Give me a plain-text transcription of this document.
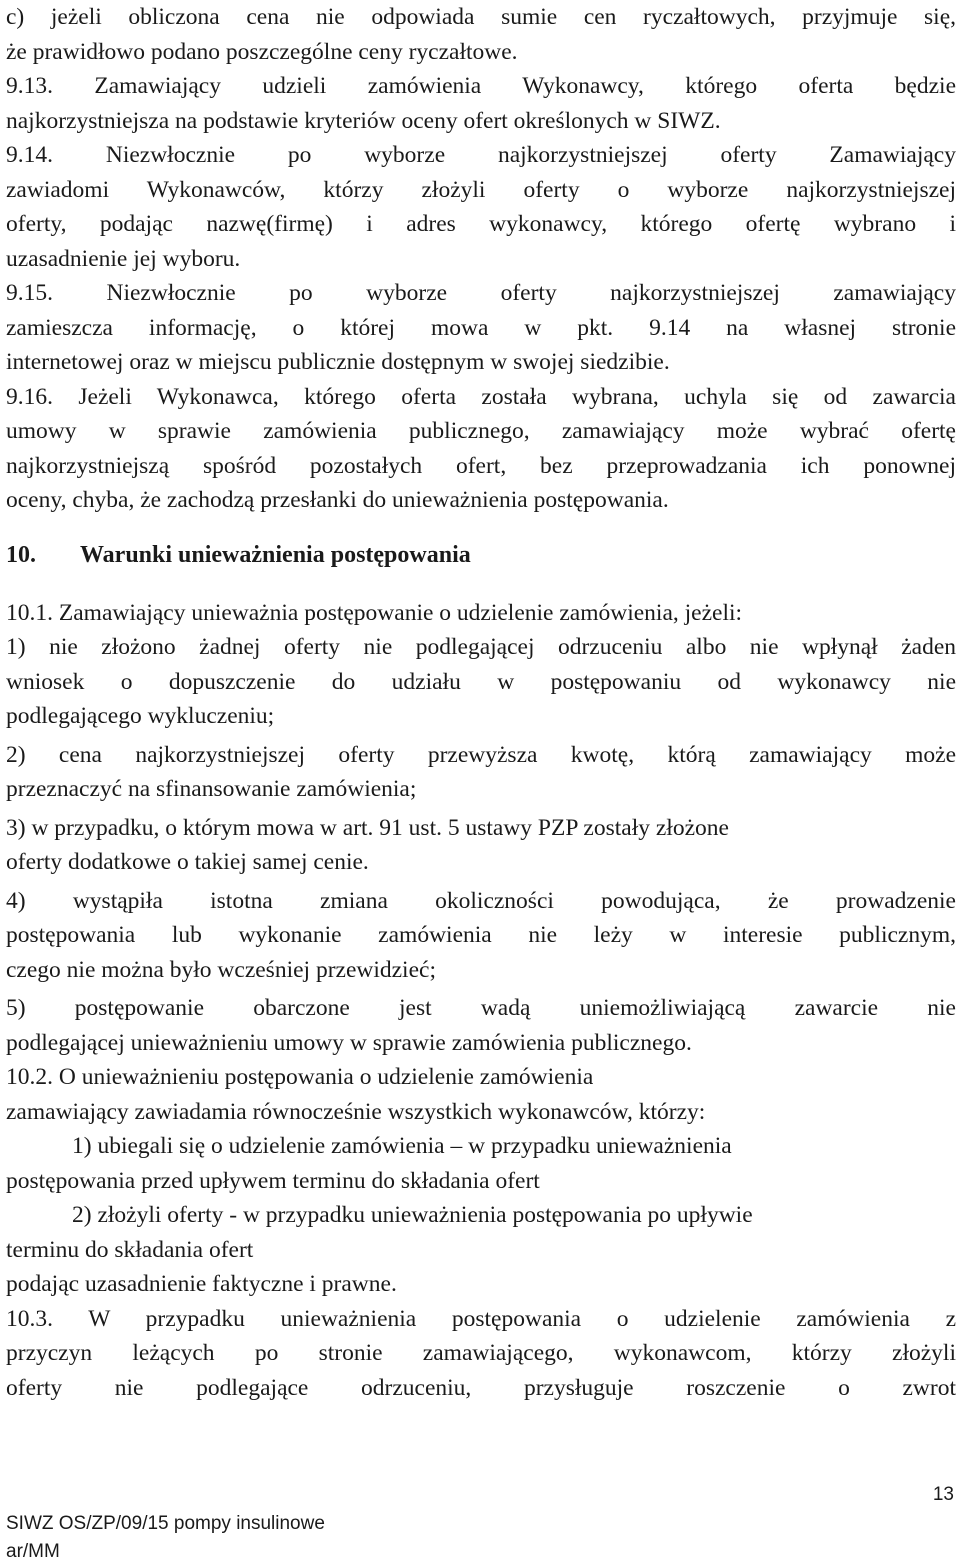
c) jeżeli obliczona cena nie odpowiada sumie cen ryczałtowych, przyjmuje się,

że prawidłowo podano poszczególne ceny ryczałtowe.

9.13. Zamawiający udzieli zamówienia Wykonawcy, którego oferta będzie

najkorzystniejsza na podstawie kryteriów oceny ofert określonych w SIWZ.

9.14. Niezwłocznie po wyborze najkorzystniejszej oferty Zamawiający

zawiadomi Wykonawców, którzy złożyli oferty o wyborze najkorzystniejszej

oferty, podając nazwę(firmę) i adres wykonawcy, którego ofertę wybrano i

uzasadnienie jej wyboru.

9.15. Niezwłocznie po wyborze oferty najkorzystniejszej zamawiający

zamieszcza informację, o której mowa w pkt. 9.14 na własnej stronie

internetowej oraz w miejscu publicznie dostępnym w swojej siedzibie.

9.16. Jeżeli Wykonawca, którego oferta została wybrana, uchyla się od zawarcia

umowy w sprawie zamówienia publicznego, zamawiający może wybrać ofertę

najkorzystniejszą spośród pozostałych ofert, bez przeprowadzania ich ponownej

oceny, chyba, że zachodzą przesłanki do unieważnienia postępowania.

10. Warunki unieważnienia postępowania

10.1. Zamawiający unieważnia postępowanie o udzielenie zamówienia, jeżeli:

1) nie złożono żadnej oferty nie podlegającej odrzuceniu albo nie wpłynął żaden

wniosek o dopuszczenie do udziału w postępowaniu od wykonawcy nie

podlegającego wykluczeniu;

2) cena najkorzystniejszej oferty przewyższa kwotę, którą zamawiający może

przeznaczyć na sfinansowanie zamówienia;

3) w przypadku, o którym mowa w art. 91 ust. 5 ustawy PZP zostały złożone

oferty dodatkowe o takiej samej cenie.

4) wystąpiła istotna zmiana okoliczności powodująca, że prowadzenie

postępowania lub wykonanie zamówienia nie leży w interesie publicznym,

czego nie można było wcześniej przewidzieć;

5) postępowanie obarczone jest wadą uniemożliwiającą zawarcie nie

podlegającej unieważnieniu umowy w sprawie zamówienia publicznego.

10.2. O unieważnieniu postępowania o udzielenie zamówienia

zamawiający zawiadamia równocześnie wszystkich wykonawców, którzy:

1) ubiegali się o udzielenie zamówienia – w przypadku unieważnienia

postępowania przed upływem terminu do składania ofert

2) złożyli oferty - w przypadku unieważnienia postępowania po upływie

terminu do składania ofert

podając uzasadnienie faktyczne i prawne.

10.3. W przypadku unieważnienia postępowania o udzielenie zamówienia z

przyczyn leżących po stronie zamawiającego, wykonawcom, którzy złożyli

oferty nie podlegające odrzuceniu, przysługuje roszczenie o zwrot

13
SIWZ OS/ZP/09/15 pompy insulinowe
ar/MM
